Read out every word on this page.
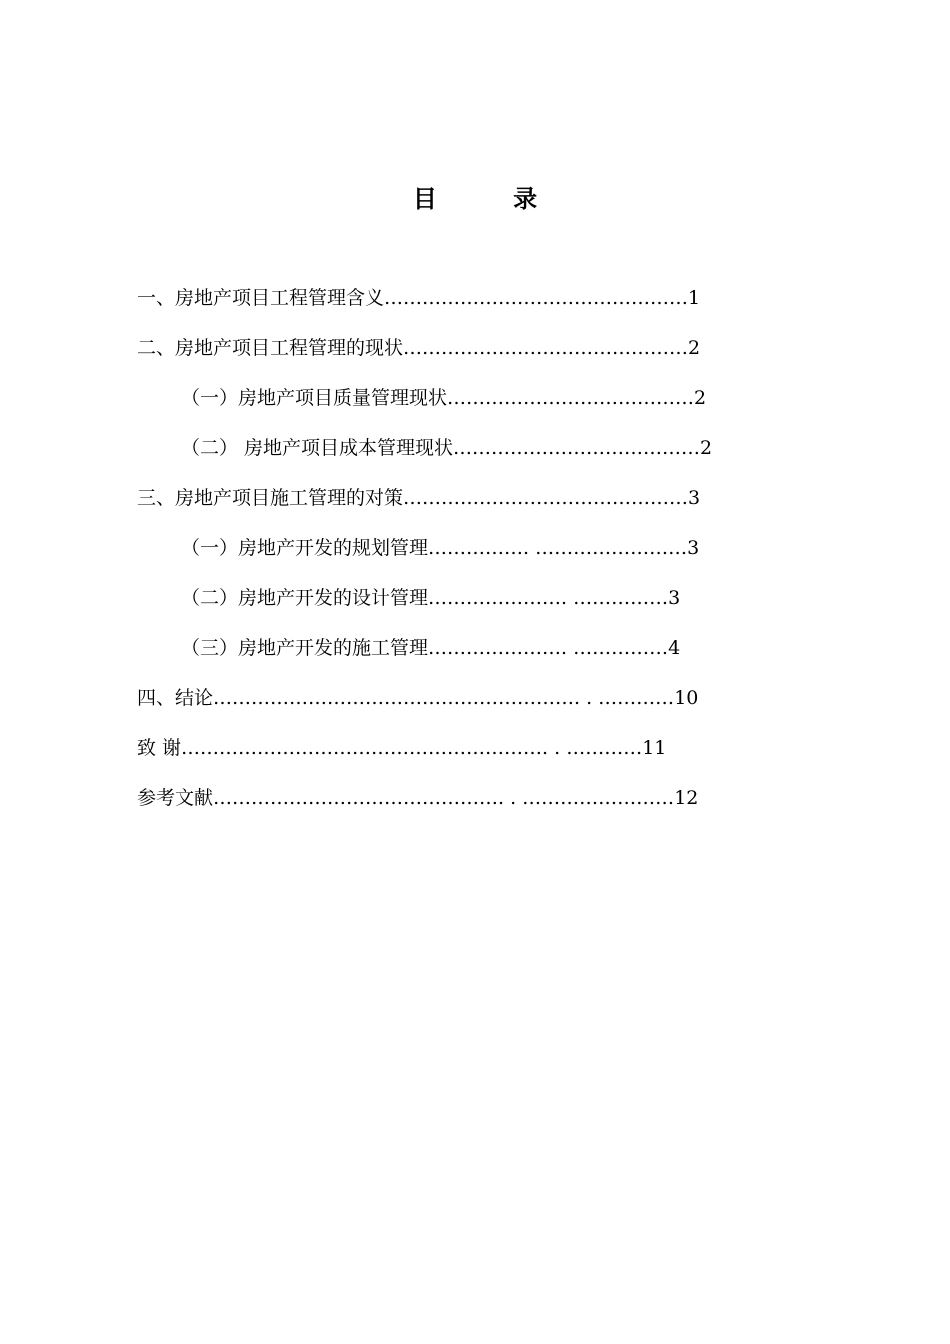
目 录
一、房地产项目工程管理含义…………………………………………1
二、房地产项目工程管理的现状………………………………………2
（一）房地产项目质量管理现状…………………………………2
（二） 房地产项目成本管理现状…………………………………2
三、房地产项目施工管理的对策………………………………………3
（一）房地产开发的规划管理……………. ……………………3
（二）房地产开发的设计管理…………………. ……………3
（三）房地产开发的施工管理…………………. ……………4
四、结论…………………………………………………. . …………10
致 谢…………………………………………………. . …………11
参考文献………………………………………. . ……………………12
